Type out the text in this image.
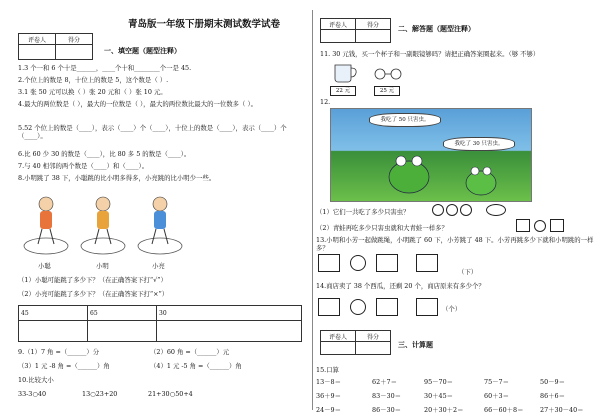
青岛版一年级下册期末测试数学试卷
评卷人	得分

一、填空题（题型注释）
1.3 个一和 6 个十是______，____个十和________个一是 45.
2.个位上的数是 8，十位上的数是 5，这个数是（ ）.
3.1 张 50 元可以换（ ）张 20 元和（ ）张 10 元。
4.最大的两位数是（ ），最大的一位数是（ ），最大的两位数比最大的一位数多（ ）。
5.52 个位上的数是（____），表示（____）个（____），十位上的数是（____），表示（____）个（____）。
6.比 60 少 30 的数是（____），比 80 多 5 的数是（____）。
7.与 40 相邻的两个数是（____）和（____）。
8.小明跳了 38 下，小聪跳的比小明多得多，小亮跳的比小明少一些。
小聪	小明	小亮
（1）小聪可能跳了多少下？（在正确答案下打“√”）
（2）小亮可能跳了多少下？（在正确答案下打“×”）
45	65	30

9.（1）7 角 =（______）分	（2）60 角 =（______）元
（3）1 元 -8 角 =（______）角	（4）1 元 -5 角 =（______）角
10.比较大小
33-3○40	13○23+20	21+30○50+4
评卷人	得分
		二、解答题（题型注释）
11. 30 元钱，买一个杯子和一副眼镜够吗？请把正确答案圈起来。（够 不够）
22 元	25 元
12.
我吃了 50 只害虫。
我吃了 30 只害虫。
（1）它们一共吃了多少只害虫？
（2）青蛙再吃多少只害虫就和大青蛙一样多？
13.小明和小芳一起做跳绳，小明跳了 60 下，小芳跳了 48 下。小芳再跳多少下就和小明跳的一样多？
（下）
14.商店卖了 38 个西瓜，还剩 20 个，商店原来有多少个？
（个）
评卷人	得分

三、计算题
15.口算
13－8＝	62＋7＝	95－70＝	75－7＝	50－9＝
36＋9＝	83－30＝	30＋45＝	60＋3＝	86＋6＝
24－9＝	86－30＝	20＋30＋2＝	66－60＋8＝	27＋30－40＝
